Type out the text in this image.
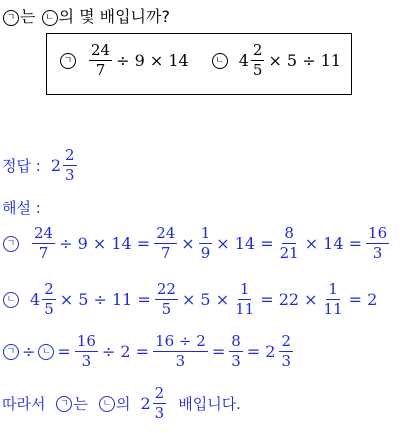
ㄱ 는 ㄴ 의 몇 배입니까?
ㄱ $\frac{24}{7} \div 9 \times 14$	ㄴ $4 \frac{2}{5} \times 5 \div 11$
정답 : $2 \frac{2}{3}$
해설 :
ㄱ $\frac{24}{7} \div 9 \times 14 = \frac{24}{7} \times \frac{1}{9} \times 14 = \frac{8}{21} \times 14 = \frac{16}{3}$
ㄴ $4 \frac{2}{5} \times 5 \div 11 = \frac{22}{5} \times 5 \times \frac{1}{11} = 22 \times \frac{1}{11} = 2$
ㄱ ÷ ㄴ = $\frac{16}{3} \div 2 = \frac{16 \div 2}{3} = \frac{8}{3} = 2 \frac{2}{3}$
따라서	ㄱ 는	ㄴ 의 $2 \frac{2}{3}$ 배입니다.
